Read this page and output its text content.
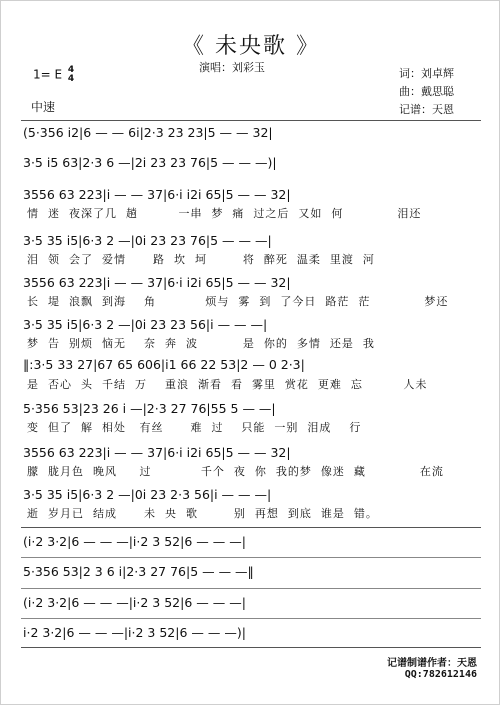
《 未央歌 》
演唱：刘彩玉	词：刘卓辉
曲：戴思聪
记谱：天恩
1= E 4
4
中速
(5·356 i2|6 — — 6i|2·3 23 23|5 — — 32|
3·5 i5 63|2·3 6 —|2i 23 23 76|5 — — —)|
3556 63 223|i — — 37|6·i i2i 65|5 — — 32|
情  迷  夜深了几  趟         一串  梦  痛  过之后  又如  何            泪还
3·5 35 i5|6·3 2 —|0i 23 23 76|5 — — —|
泪  领  会了  爱情      路  坎  坷        将  醉死  温柔  里渡  河
3556 63 223|i — — 37|6·i i2i 65|5 — — 32|
长  堤  浪飘  到海    角           烦与  雾  到  了今日  路茫  茫            梦还
3·5 35 i5|6·3 2 —|0i 23 23 56|i — — —|
梦  告  别烦  恼无    奈  奔  波          是  你的  多情  还是  我
‖:3·5 33 27|67 65 606|i1 66 22 53|2 — 0 2·3|
是  否心  头  千结  万    重浪  渐看  看  雾里  赏花  更难  忘         人未
5·356 53|23 26 i —|2·3 27 76|55 5 — —|
变  但了  解  相处   有丝      难  过    只能  一别  泪成    行
3556 63 223|i — — 37|6·i i2i 65|5 — — 32|
朦  胧月色  晚风     过           千个  夜  你  我的梦  像迷  藏            在流
3·5 35 i5|6·3 2 —|0i 23 2·3 56|i — — —|
逝  岁月已  结成      未  央  歌        别  再想  到底  谁是  错。
(i·2 3·2|6 — — —|i·2 3 52|6 — — —|
5·356 53|2 3 6 i|2·3 27 76|5 — — —‖
(i·2 3·2|6 — — —|i·2 3 52|6 — — —|
i·2 3·2|6 — — —|i·2 3 52|6 — — —)|
记谱制谱作者：天恩
QQ:782612146
